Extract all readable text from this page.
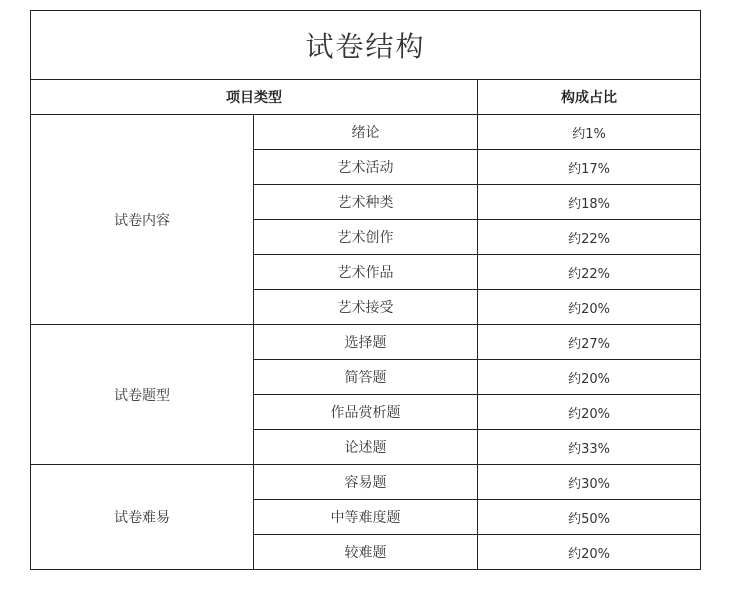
试卷结构		
项目类型		构成占比
试卷内容	绪论	约1%
	艺术活动	约17%
	艺术种类	约18%
	艺术创作	约22%
	艺术作品	约22%
	艺术接受	约20%
试卷题型	选择题	约27%
	简答题	约20%
	作品赏析题	约20%
	论述题	约33%
试卷难易	容易题	约30%
	中等难度题	约50%
	较难题	约20%
